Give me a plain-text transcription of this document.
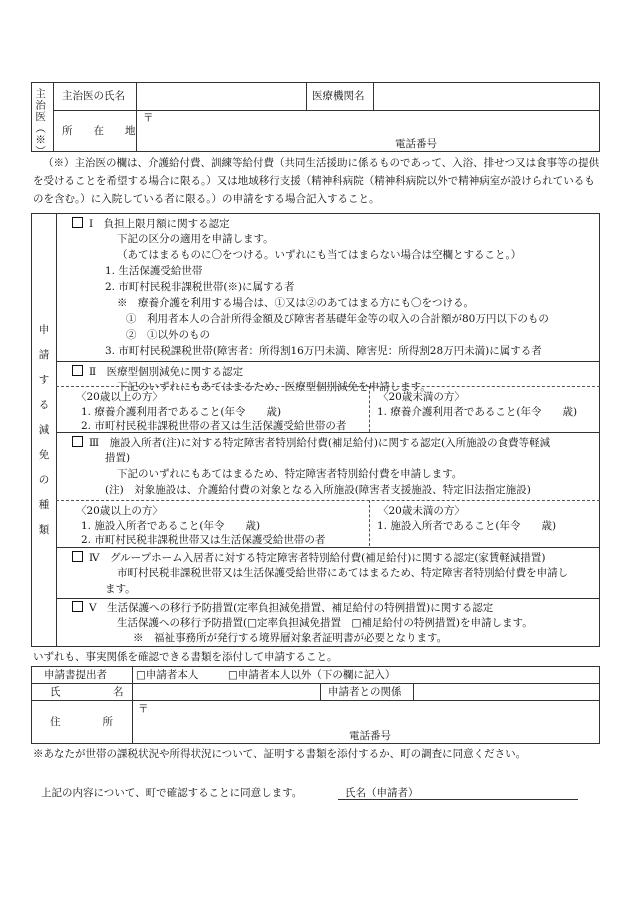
主治医（※） 主治医の氏名	医療機関名
所　　在　　地
〒
電話番号
（※）主治医の欄は、介護給付費、訓練等給付費（共同生活援助に係るものであって、入浴、排せつ又は食事等の提供を受けることを希望する場合に限る。）又は地域移行支援（精神科病院（精神科病院以外で精神病室が設けられているものを含む。）に入院している者に限る。）の申請をする場合記入すること。
申
請
す
る
減
免
の
種
類
Ⅰ　負担上限月額に関する認定
下記の区分の適用を申請します。
（あてはまるものに〇をつける。いずれにも当てはまらない場合は空欄とすること。）
1. 生活保護受給世帯
2. 市町村民税非課税世帯(※)に属する者
※　療養介護を利用する場合は、①又は②のあてはまる方にも〇をつける。
①　利用者本人の合計所得金額及び障害者基礎年金等の収入の合計額が80万円以下のもの
②　①以外のもの
3. 市町村民税課税世帯(障害者：所得割16万円未満、障害児：所得割28万円未満)に属する者
Ⅱ　医療型個別減免に関する認定
下記のいずれにもあてはまるため、医療型個別減免を申請します。
〈20歳以上の方〉
1. 療養介護利用者であること(年令　　歳)
2. 市町村民税非課税世帯の者又は生活保護受給世帯の者
〈20歳未満の方〉
1. 療養介護利用者であること(年令　　歳)
Ⅲ　施設入所者(注)に対する特定障害者特別給付費(補足給付)に関する認定(入所施設の食費等軽減
措置)
下記のいずれにもあてはまるため、特定障害者特別給付費を申請します。
(注)　対象施設は、介護給付費の対象となる入所施設(障害者支援施設、特定旧法指定施設)
〈20歳以上の方〉
1. 施設入所者であること(年令　　歳)
2. 市町村民税非課税世帯又は生活保護受給世帯の者
〈20歳未満の方〉
1. 施設入所者であること(年令　　歳)
Ⅳ　グループホーム入居者に対する特定障害者特別給付費(補足給付)に関する認定(家賃軽減措置)
市町村民税非課税世帯又は生活保護受給世帯にあてはまるため、特定障害者特別給付費を申請し
ます。
Ⅴ　生活保護への移行予防措置(定率負担減免措置、補足給付の特例措置)に関する認定
生活保護への移行予防措置(□定率負担減免措置　□補足給付の特例措置)を申請します。
※　福祉事務所が発行する境界層対象者証明書が必要となります。
いずれも、事実関係を確認できる書類を添付して申請すること。
申請書提出者	□申請者本人	□申請者本人以外（下の欄に記入）
氏　　　　　名	申請者との関係
〒
住　　　　所
電話番号
※あなたが世帯の課税状況や所得状況について、証明する書類を添付するか、町の調査に同意ください。
上記の内容について、町で確認することに同意します。	氏名（申請者）
